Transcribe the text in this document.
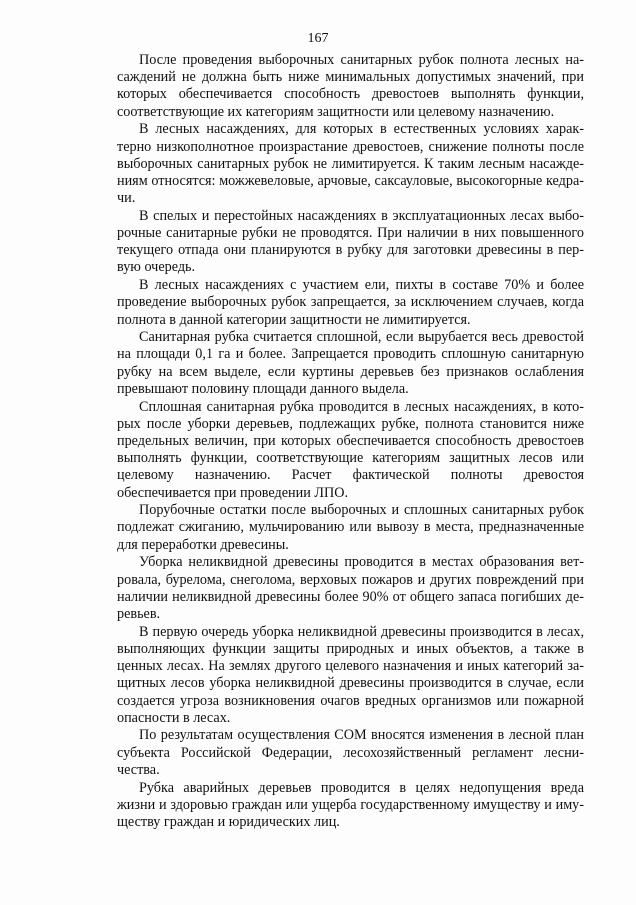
167

После проведения выборочных санитарных рубок полнота лесных насаждений не должна быть ниже минимальных допустимых значений, при которых обеспечивается способность древостоев выполнять функции, соответствующие их категориям защитности или целевому назначению.

В лесных насаждениях, для которых в естественных условиях характерно низкополнотное произрастание древостоев, снижение полноты после выборочных санитарных рубок не лимитируется. К таким лесным насаждениям относятся: можжевеловые, арчовые, саксауловые, высокогорные кедрачи.

В спелых и перестойных насаждениях в эксплуатационных лесах выборочные санитарные рубки не проводятся. При наличии в них повышенного текущего отпада они планируются в рубку для заготовки древесины в первую очередь.

В лесных насаждениях с участием ели, пихты в составе 70% и более проведение выборочных рубок запрещается, за исключением случаев, когда полнота в данной категории защитности не лимитируется.

Санитарная рубка считается сплошной, если вырубается весь древостой на площади 0,1 га и более. Запрещается проводить сплошную санитарную рубку на всем выделе, если куртины деревьев без признаков ослабления превышают половину площади данного выдела.

Сплошная санитарная рубка проводится в лесных насаждениях, в которых после уборки деревьев, подлежащих рубке, полнота становится ниже предельных величин, при которых обеспечивается способность древостоев выполнять функции, соответствующие категориям защитных лесов или целевому назначению. Расчет фактической полноты древостоя обеспечивается при проведении ЛПО.

Порубочные остатки после выборочных и сплошных санитарных рубок подлежат сжиганию, мульчированию или вывозу в места, предназначенные для переработки древесины.

Уборка неликвидной древесины проводится в местах образования ветровала, бурелома, снеголома, верховых пожаров и других повреждений при наличии неликвидной древесины более 90% от общего запаса погибших деревьев.

В первую очередь уборка неликвидной древесины производится в лесах, выполняющих функции защиты природных и иных объектов, а также в ценных лесах. На землях другого целевого назначения и иных категорий защитных лесов уборка неликвидной древесины производится в случае, если создается угроза возникновения очагов вредных организмов или пожарной опасности в лесах.

По результатам осуществления СОМ вносятся изменения в лесной план субъекта Российской Федерации, лесохозяйственный регламент лесничества.

Рубка аварийных деревьев проводится в целях недопущения вреда жизни и здоровью граждан или ущерба государственному имуществу и имуществу граждан и юридических лиц.
